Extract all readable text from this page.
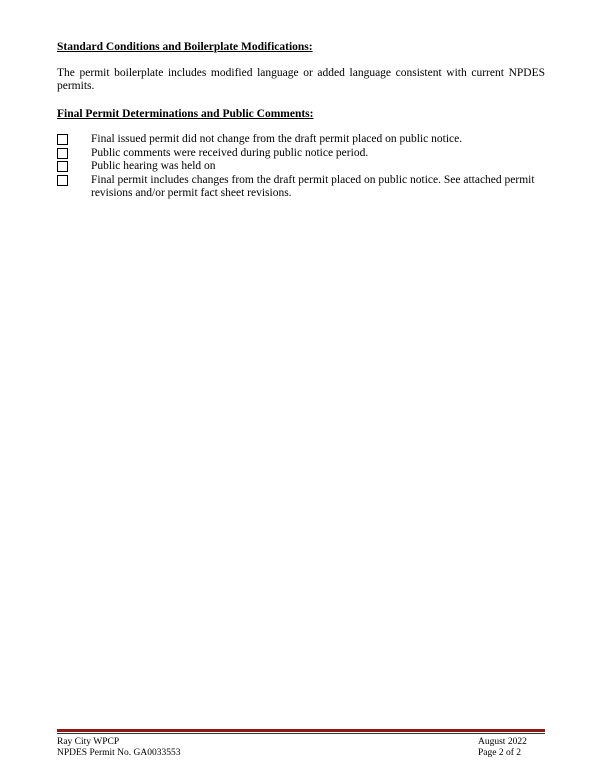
Standard Conditions and Boilerplate Modifications:
The permit boilerplate includes modified language or added language consistent with current NPDES permits.
Final Permit Determinations and Public Comments:
Final issued permit did not change from the draft permit placed on public notice.
Public comments were received during public notice period.
Public hearing was held on
Final permit includes changes from the draft permit placed on public notice. See attached permit revisions and/or permit fact sheet revisions.
Ray City WPCP
NPDES Permit No. GA0033553
August 2022
Page 2 of 2
